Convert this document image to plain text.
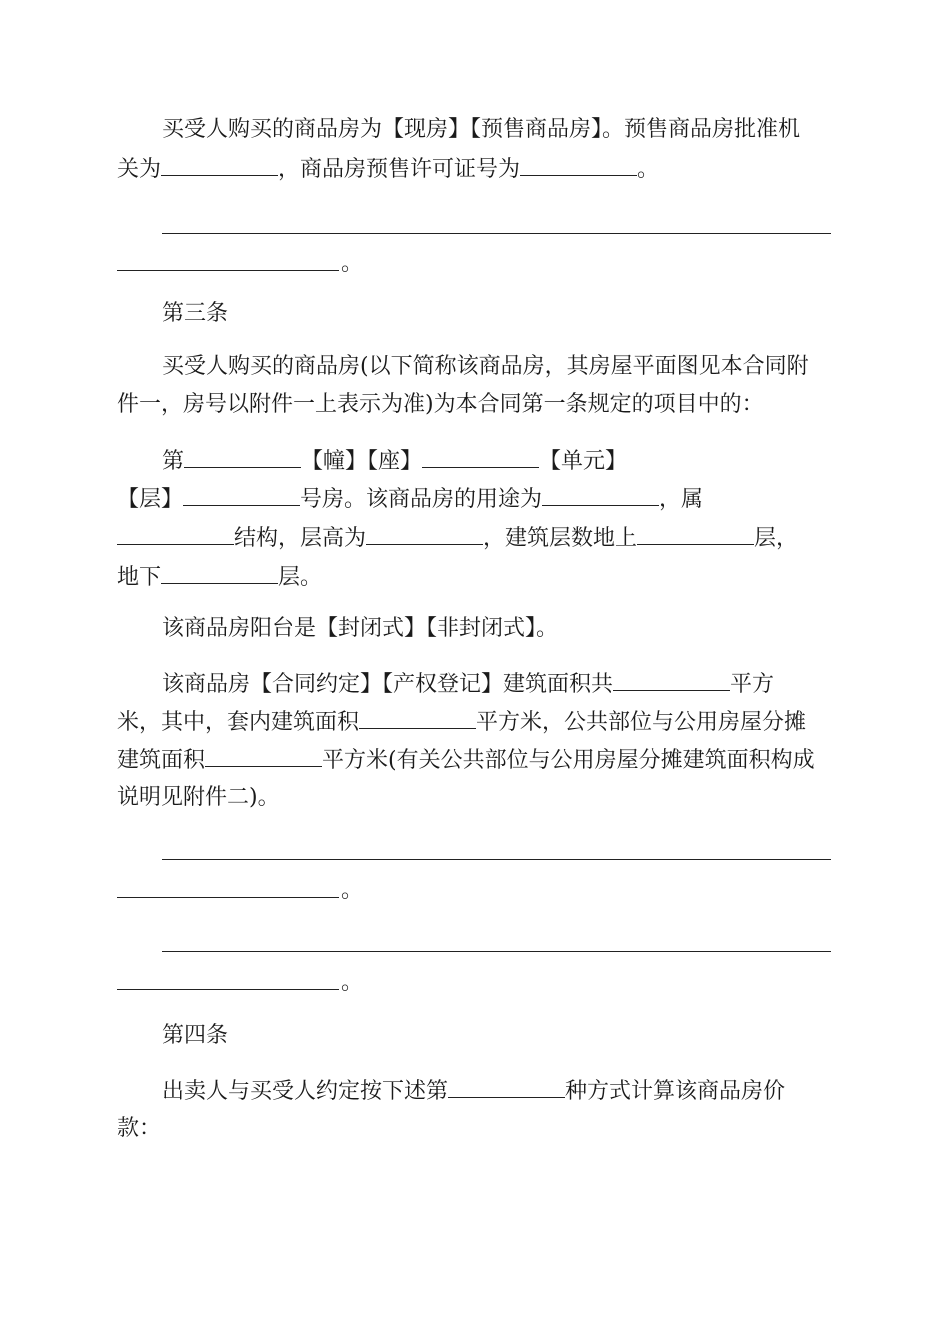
买受人购买的商品房为【现房】【预售商品房】。预售商品房批准机
关为	，商品房预售许可证号为	。
。
第三条
买受人购买的商品房(以下简称该商品房，其房屋平面图见本合同附
件一，房号以附件一上表示为准)为本合同第一条规定的项目中的：
第	【幢】【座】	【单元】
【层】	号房。该商品房的用途为	，属
结构，层高为	，建筑层数地上	层，
地下	层。
该商品房阳台是【封闭式】【非封闭式】。
该商品房【合同约定】【产权登记】建筑面积共	平方
米，其中，套内建筑面积	平方米，公共部位与公用房屋分摊
建筑面积	平方米(有关公共部位与公用房屋分摊建筑面积构成
说明见附件二)。
。
。
第四条
出卖人与买受人约定按下述第	种方式计算该商品房价
款：
